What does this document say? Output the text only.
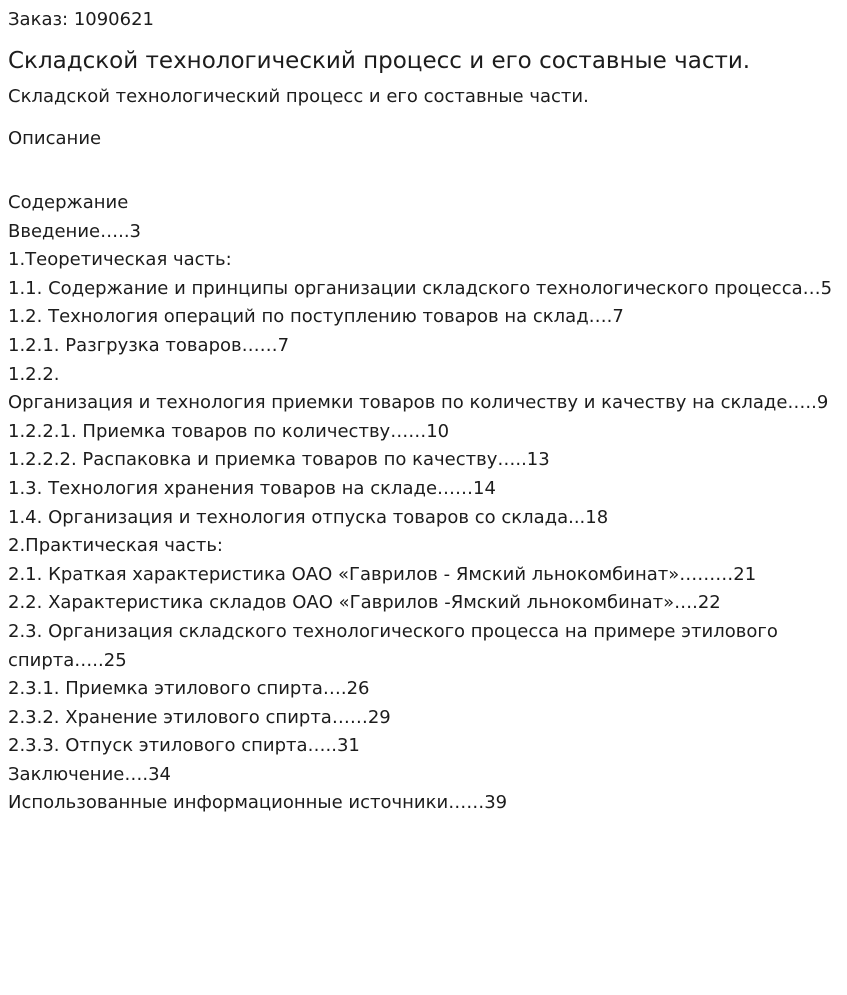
Заказ: 1090621

Складской технологический процесс и его составные части.

Складской технологический процесс и его составные части.

Описание

Содержание
Введение…..3
1.Теоретическая часть:
1.1. Содержание и принципы организации складского технологического процесса…5
1.2. Технология операций по поступлению товаров на склад….7
1.2.1. Разгрузка товаров……7
1.2.2.
Организация и технология приемки товаров по количеству и качеству на складе…..9
1.2.2.1. Приемка товаров по количеству……10
1.2.2.2. Распаковка и приемка товаров по качеству…..13
1.3. Технология хранения товаров на складе……14
1.4. Организация и технология отпуска товаров со склада...18
2.Практическая часть:
2.1. Краткая характеристика ОАО «Гаврилов - Ямский льнокомбинат»………21
2.2. Характеристика складов ОАО «Гаврилов -Ямский льнокомбинат»….22
2.3. Организация складского технологического процесса на примере этилового спирта…..25
2.3.1. Приемка этилового спирта….26
2.3.2. Хранение этилового спирта……29
2.3.3. Отпуск этилового спирта…..31
Заключение….34
Использованные информационные источники……39
